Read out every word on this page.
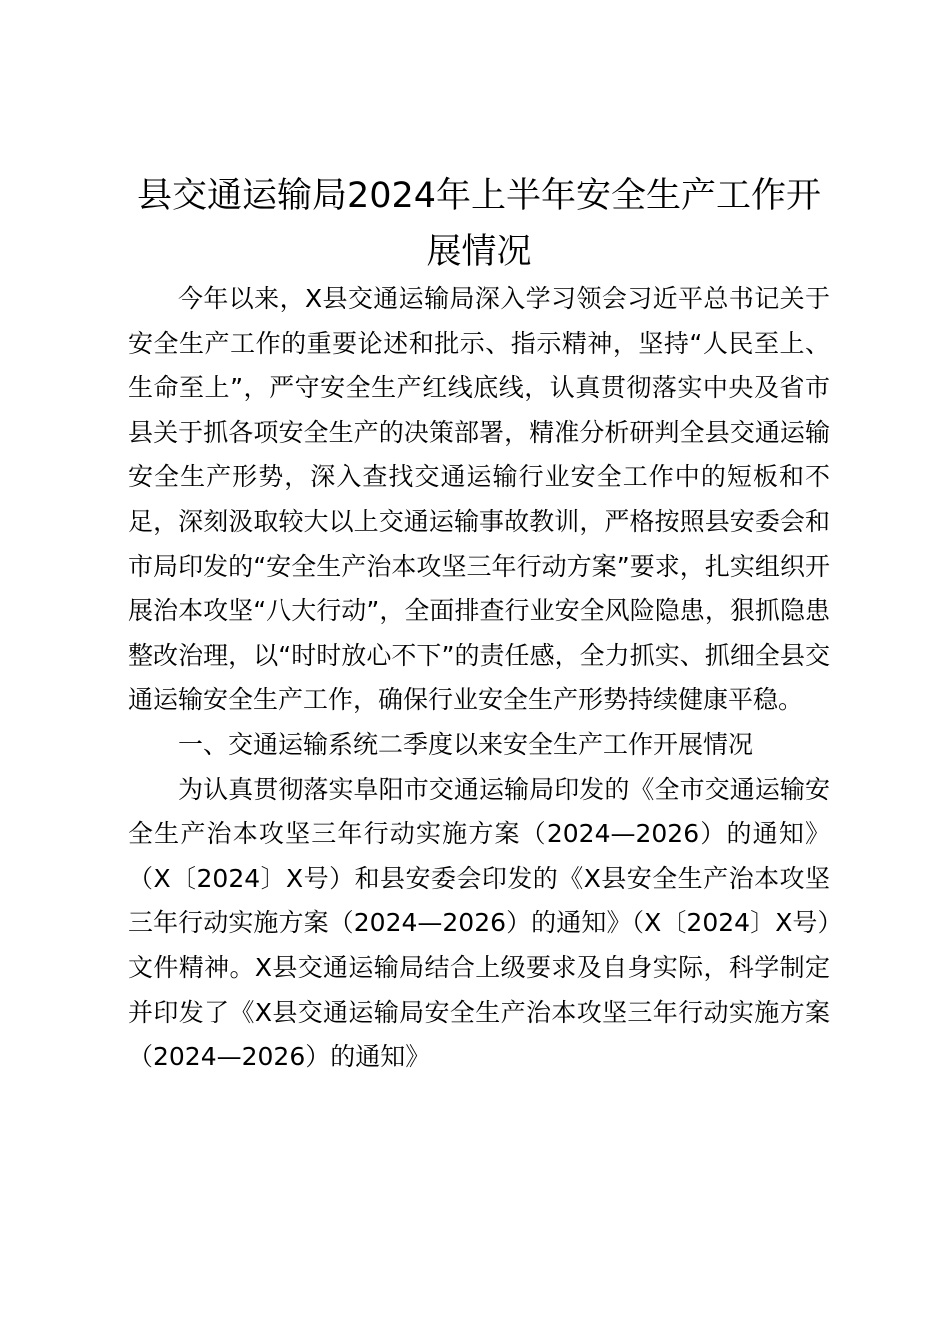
县交通运输局2024年上半年安全生产工作开展情况

今年以来，X县交通运输局深入学习领会习近平总书记关于安全生产工作的重要论述和批示、指示精神，坚持“人民至上、生命至上”，严守安全生产红线底线，认真贯彻落实中央及省市县关于抓各项安全生产的决策部署，精准分析研判全县交通运输安全生产形势，深入查找交通运输行业安全工作中的短板和不足，深刻汲取较大以上交通运输事故教训，严格按照县安委会和市局印发的“安全生产治本攻坚三年行动方案”要求，扎实组织开展治本攻坚“八大行动”，全面排查行业安全风险隐患，狠抓隐患整改治理，以“时时放心不下”的责任感，全力抓实、抓细全县交通运输安全生产工作，确保行业安全生产形势持续健康平稳。

一、交通运输系统二季度以来安全生产工作开展情况

为认真贯彻落实阜阳市交通运输局印发的《全市交通运输安全生产治本攻坚三年行动实施方案（2024—2026）的通知》（X〔2024〕X号）和县安委会印发的《X县安全生产治本攻坚三年行动实施方案（2024—2026）的通知》（X〔2024〕X号）文件精神。X县交通运输局结合上级要求及自身实际，科学制定并印发了《X县交通运输局安全生产治本攻坚三年行动实施方案（2024—2026）的通知》
